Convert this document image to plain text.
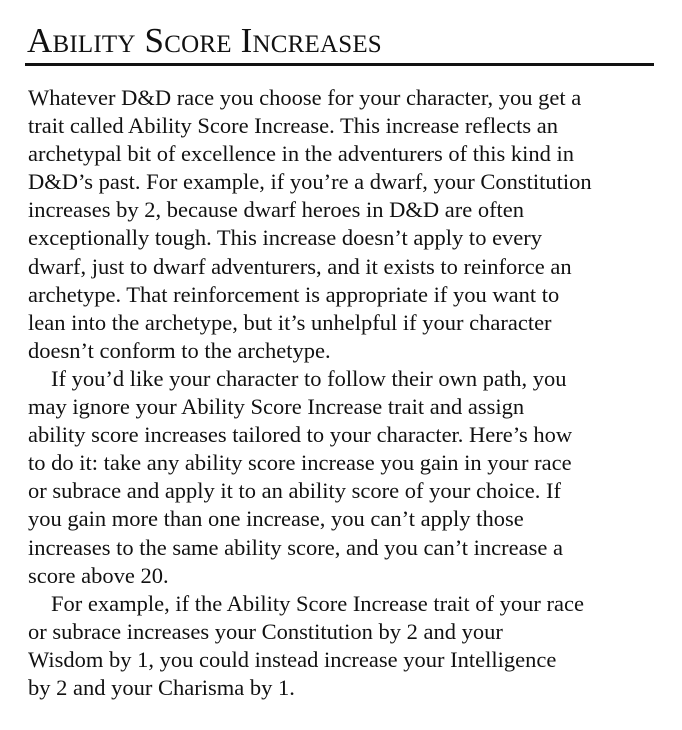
Ability Score Increases
Whatever D&D race you choose for your character, you get a
trait called Ability Score Increase. This increase reflects an
archetypal bit of excellence in the adventurers of this kind in
D&D’s past. For example, if you’re a dwarf, your Constitution
increases by 2, because dwarf heroes in D&D are often
exceptionally tough. This increase doesn’t apply to every
dwarf, just to dwarf adventurers, and it exists to reinforce an
archetype. That reinforcement is appropriate if you want to
lean into the archetype, but it’s unhelpful if your character
doesn’t conform to the archetype.
If you’d like your character to follow their own path, you
may ignore your Ability Score Increase trait and assign
ability score increases tailored to your character. Here’s how
to do it: take any ability score increase you gain in your race
or subrace and apply it to an ability score of your choice. If
you gain more than one increase, you can’t apply those
increases to the same ability score, and you can’t increase a
score above 20.
For example, if the Ability Score Increase trait of your race
or subrace increases your Constitution by 2 and your
Wisdom by 1, you could instead increase your Intelligence
by 2 and your Charisma by 1.
